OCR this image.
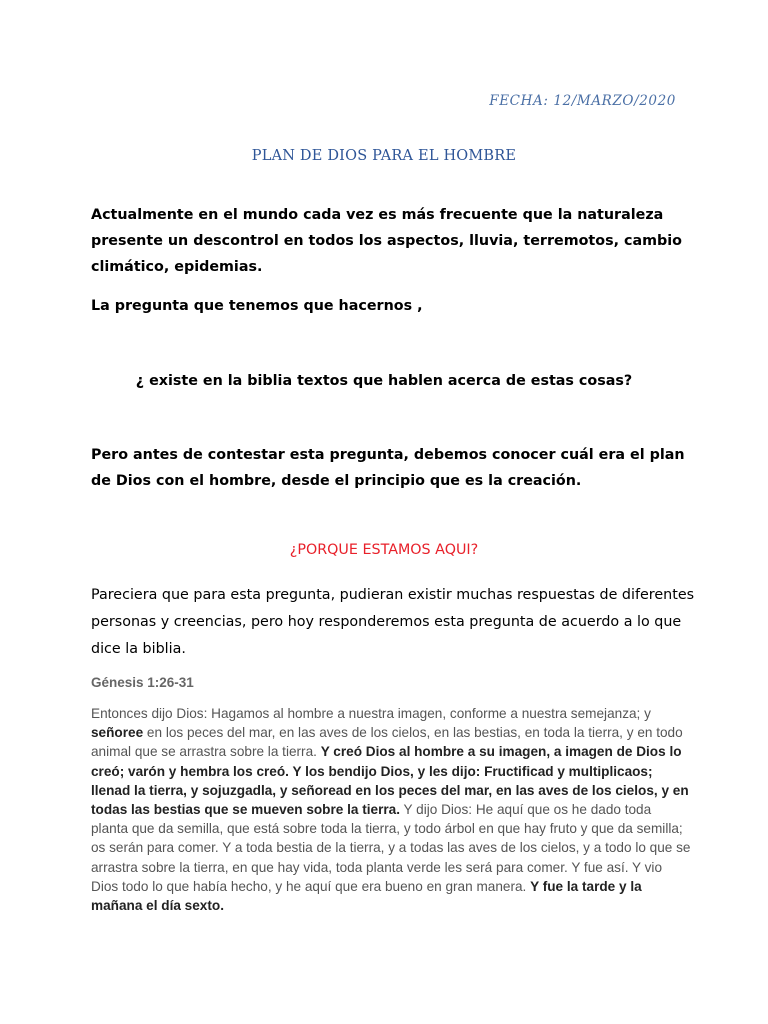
FECHA: 12/MARZO/2020
PLAN DE DIOS PARA EL HOMBRE

Actualmente en el mundo cada vez es más frecuente que la naturaleza presente un descontrol en todos los aspectos, lluvia, terremotos, cambio climático, epidemias.

La pregunta que tenemos que hacernos ,

¿ existe en la biblia textos que hablen acerca de estas cosas?

Pero antes de contestar esta pregunta, debemos conocer cuál era el plan de Dios con el hombre, desde el principio que es la creación.

¿PORQUE ESTAMOS AQUI?

Pareciera que para esta pregunta, pudieran existir muchas respuestas de diferentes personas y creencias, pero hoy responderemos esta pregunta de acuerdo a lo que dice la biblia.

Génesis 1:26-31

Entonces dijo Dios: Hagamos al hombre a nuestra imagen, conforme a nuestra semejanza; y señoree en los peces del mar, en las aves de los cielos, en las bestias, en toda la tierra, y en todo animal que se arrastra sobre la tierra. Y creó Dios al hombre a su imagen, a imagen de Dios lo creó; varón y hembra los creó. Y los bendijo Dios, y les dijo: Fructificad y multiplicaos; llenad la tierra, y sojuzgadla, y señoread en los peces del mar, en las aves de los cielos, y en todas las bestias que se mueven sobre la tierra. Y dijo Dios: He aquí que os he dado toda planta que da semilla, que está sobre toda la tierra, y todo árbol en que hay fruto y que da semilla; os serán para comer. Y a toda bestia de la tierra, y a todas las aves de los cielos, y a todo lo que se arrastra sobre la tierra, en que hay vida, toda planta verde les será para comer. Y fue así. Y vio Dios todo lo que había hecho, y he aquí que era bueno en gran manera. Y fue la tarde y la mañana el día sexto.
